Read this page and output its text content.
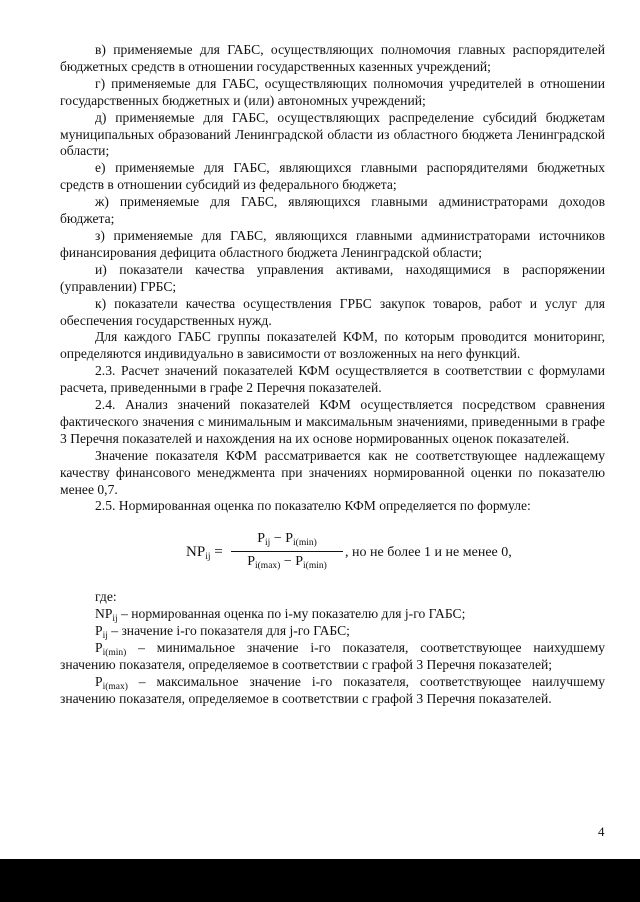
в) применяемые для ГАБС, осуществляющих полномочия главных распорядителей бюджетных средств в отношении государственных казенных учреждений;

г) применяемые для ГАБС, осуществляющих полномочия учредителей в отношении государственных бюджетных и (или) автономных учреждений;

д) применяемые для ГАБС, осуществляющих распределение субсидий бюджетам муниципальных образований Ленинградской области из областного бюджета Ленинградской области;

е) применяемые для ГАБС, являющихся главными распорядителями бюджетных средств в отношении субсидий из федерального бюджета;

ж) применяемые для ГАБС, являющихся главными администраторами доходов бюджета;

з) применяемые для ГАБС, являющихся главными администраторами источников финансирования дефицита областного бюджета Ленинградской области;

и) показатели качества управления активами, находящимися в распоряжении (управлении) ГРБС;

к) показатели качества осуществления ГРБС закупок товаров, работ и услуг для обеспечения государственных нужд.

Для каждого ГАБС группы показателей КФМ, по которым проводится мониторинг, определяются индивидуально в зависимости от возложенных на него функций.

2.3. Расчет значений показателей КФМ осуществляется в соответствии с формулами расчета, приведенными в графе 2 Перечня показателей.

2.4. Анализ значений показателей КФМ осуществляется посредством сравнения фактического значения с минимальным и максимальным значениями, приведенными в графе 3 Перечня показателей и нахождения на их основе нормированных оценок показателей.

Значение показателя КФМ рассматривается как не соответствующее надлежащему качеству финансового менеджмента при значениях нормированной оценки по показателю менее 0,7.

2.5. Нормированная оценка по показателю КФМ определяется по формуле:

$NP_{ij}$ =
$P_{ij} - P_{i(min)}$
$P_{i(max)} - P_{i(min)}$
, но не более 1 и не менее 0,

где:

$NP_{ij}$ – нормированная оценка по i-му показателю для j-го ГАБС;

$P_{ij}$ – значение i-го показателя для j-го ГАБС;

$P_{i(min)}$ – минимальное значение i-го показателя, соответствующее наихудшему значению показателя, определяемое в соответствии с графой 3 Перечня показателей;

$P_{i(max)}$ – максимальное значение i-го показателя, соответствующее наилучшему значению показателя, определяемое в соответствии с графой 3 Перечня показателей.

4
